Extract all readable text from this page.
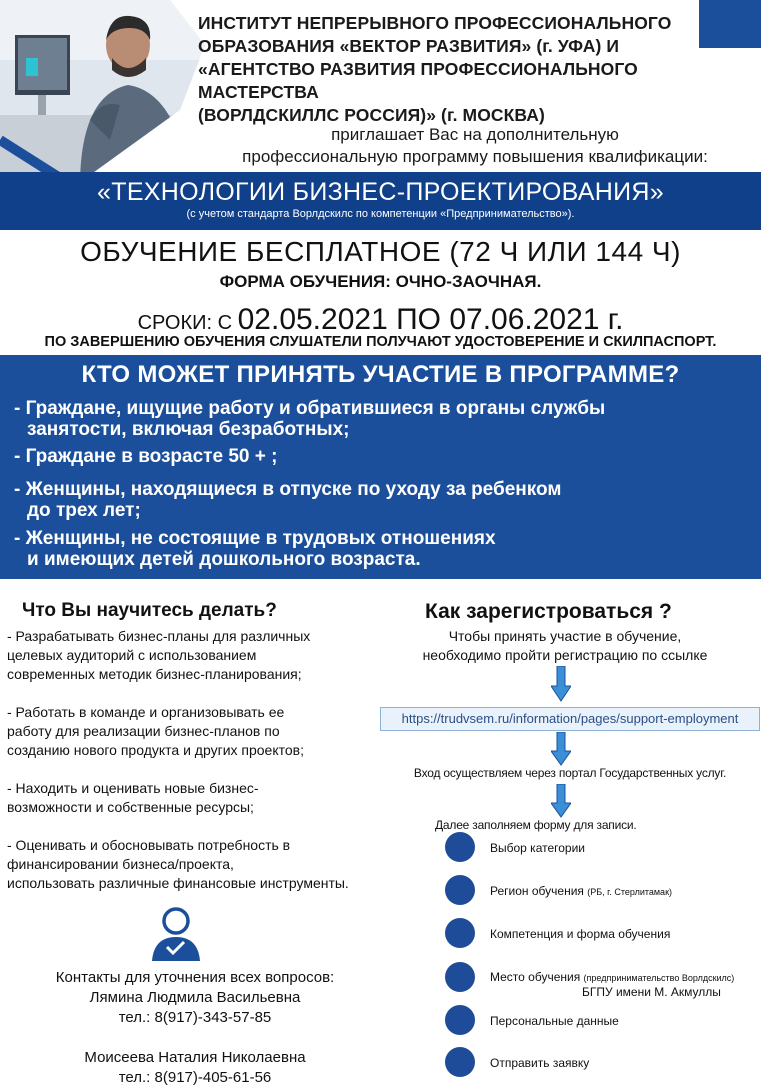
ИНСТИТУТ НЕПРЕРЫВНОГО ПРОФЕССИОНАЛЬНОГО
ОБРАЗОВАНИЯ «ВЕКТОР РАЗВИТИЯ» (г. УФА) И
«АГЕНТСТВО РАЗВИТИЯ ПРОФЕССИОНАЛЬНОГО МАСТЕРСТВА
(ВОРЛДСКИЛЛС РОССИЯ)» (г. МОСКВА)
приглашает Вас на дополнительную
профессиональную программу повышения квалификации:
«ТЕХНОЛОГИИ БИЗНЕС-ПРОЕКТИРОВАНИЯ»
(с учетом стандарта Ворлдскилс по компетенции «Предпринимательство»).
ОБУЧЕНИЕ БЕСПЛАТНОЕ (72 Ч ИЛИ 144 Ч)
ФОРМА ОБУЧЕНИЯ: ОЧНО-ЗАОЧНАЯ.
СРОКИ: С 02.05.2021 ПО 07.06.2021 г.
ПО ЗАВЕРШЕНИЮ ОБУЧЕНИЯ СЛУШАТЕЛИ ПОЛУЧАЮТ УДОСТОВЕРЕНИЕ И СКИЛПАСПОРТ.
КТО МОЖЕТ ПРИНЯТЬ УЧАСТИЕ В ПРОГРАММЕ?
- Граждане, ищущие работу и обратившиеся в органы службы
занятости, включая безработных;
- Граждане в возрасте 50 + ;
- Женщины, находящиеся в отпуске по уходу за ребенком
до трех лет;
- Женщины, не состоящие в трудовых отношениях
и имеющих детей дошкольного возраста.
Что Вы научитесь делать?

- Разрабатывать бизнес-планы для различных
целевых аудиторий с использованием
современных методик бизнес-планирования;

- Работать в команде и организовывать ее
работу для реализации бизнес-планов по
созданию нового продукта и других проектов;

- Находить и оценивать новые бизнес-
возможности и собственные ресурсы;

- Оценивать и обосновывать потребность в
финансировании бизнеса/проекта,
использовать различные финансовые инструменты.

Контакты для уточнения всех вопросов:
Лямина Людмила Васильевна
тел.: 8(917)-343-57-85
Моисеева Наталия Николаевна
тел.: 8(917)-405-61-56
Как зарегистроваться ?
Чтобы принять участие в обучение,
необходимо пройти регистрацию по ссылке
https://trudvsem.ru/information/pages/support-employment
Вход осуществляем через портал Государственных услуг.
Далее заполняем форму для записи.
Выбор категории
Регион обучения (РБ, г. Стерлитамак)
Компетенция и форма обучения
Место обучения (предпринимательство Ворлдскилс)
БГПУ имени М. Акмуллы
Персональные данные
Отправить заявку
